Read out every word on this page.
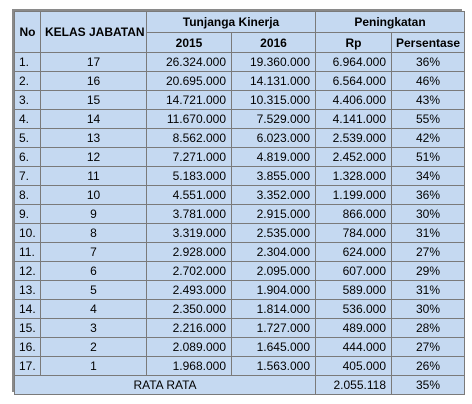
No	KELAS JABATAN	Tunjanga Kinerja		Peningkatan	
		2015	2016	Rp	Persentase
1.	17	26.324.000	19.360.000	6.964.000	36%
2.	16	20.695.000	14.131.000	6.564.000	46%
3.	15	14.721.000	10.315.000	4.406.000	43%
4.	14	11.670.000	7.529.000	4.141.000	55%
5.	13	8.562.000	6.023.000	2.539.000	42%
6.	12	7.271.000	4.819.000	2.452.000	51%
7.	11	5.183.000	3.855.000	1.328.000	34%
8.	10	4.551.000	3.352.000	1.199.000	36%
9.	9	3.781.000	2.915.000	866.000	30%
10.	8	3.319.000	2.535.000	784.000	31%
11.	7	2.928.000	2.304.000	624.000	27%
12.	6	2.702.000	2.095.000	607.000	29%
13.	5	2.493.000	1.904.000	589.000	31%
14.	4	2.350.000	1.814.000	536.000	30%
15.	3	2.216.000	1.727.000	489.000	28%
16.	2	2.089.000	1.645.000	444.000	27%
17.	1	1.968.000	1.563.000	405.000	26%
RATA RATA				2.055.118	35%
